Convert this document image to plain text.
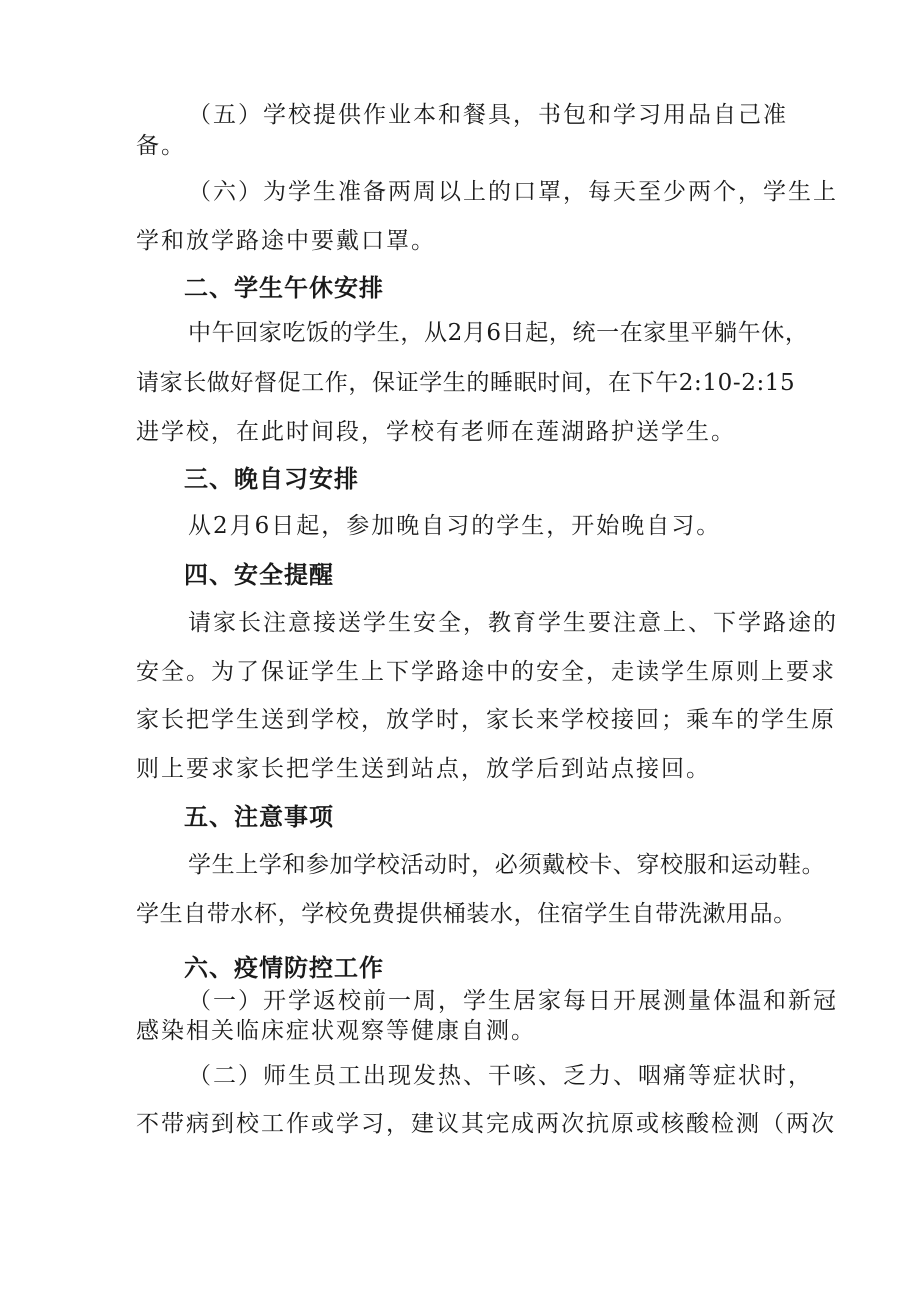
（五）学校提供作业本和餐具，书包和学习用品自己准
备。
（六）为学生准备两周以上的口罩，每天至少两个，学生上
学和放学路途中要戴口罩。
二、学生午休安排
中午回家吃饭的学生，从2月6日起，统一在家里平躺午休，
请家长做好督促工作，保证学生的睡眠时间，在下午2:10-2:15
进学校，在此时间段，学校有老师在莲湖路护送学生。
三、晚自习安排
从2月6日起，参加晚自习的学生，开始晚自习。
四、安全提醒
请家长注意接送学生安全，教育学生要注意上、下学路途的
安全。为了保证学生上下学路途中的安全，走读学生原则上要求
家长把学生送到学校，放学时，家长来学校接回；乘车的学生原
则上要求家长把学生送到站点，放学后到站点接回。
五、注意事项
学生上学和参加学校活动时，必须戴校卡、穿校服和运动鞋。
学生自带水杯，学校免费提供桶装水，住宿学生自带洗漱用品。
六、疫情防控工作
（一）开学返校前一周，学生居家每日开展测量体温和新冠
感染相关临床症状观察等健康自测。
（二）师生员工出现发热、干咳、乏力、咽痛等症状时，
不带病到校工作或学习，建议其完成两次抗原或核酸检测（两次
